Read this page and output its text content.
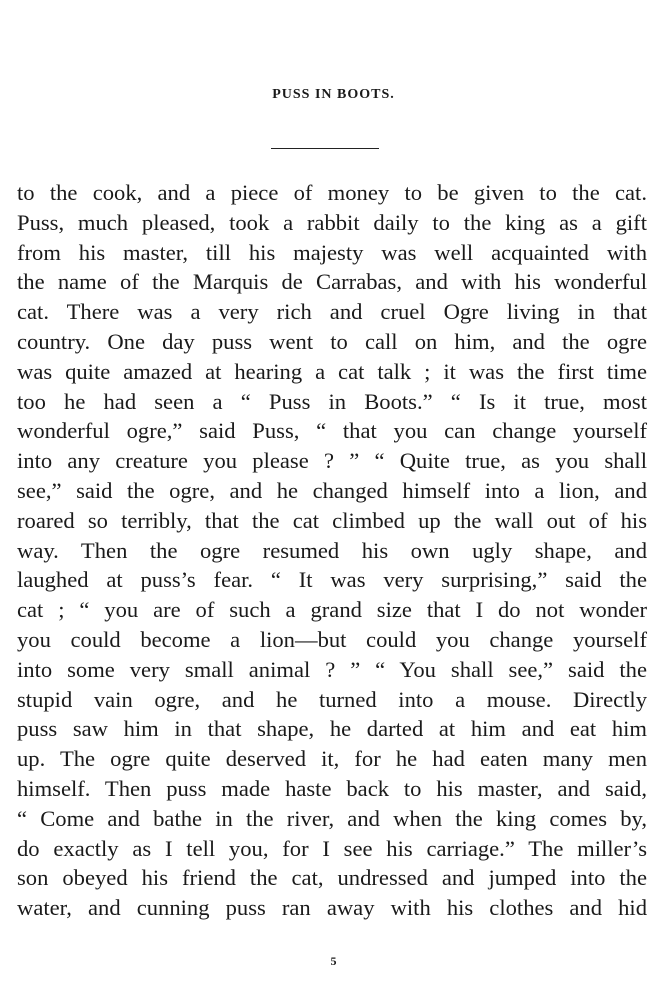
PUSS IN BOOTS.
to the cook, and a piece of money to be given to the cat.
Puss, much pleased, took a rabbit daily to the king as a gift
from his master, till his majesty was well acquainted with
the name of the Marquis de Carrabas, and with his wonderful
cat. There was a very rich and cruel Ogre living in that
country. One day puss went to call on him, and the ogre
was quite amazed at hearing a cat talk ; it was the first time
too he had seen a “ Puss in Boots.” “ Is it true, most
wonderful ogre,” said Puss, “ that you can change yourself
into any creature you please ? ” “ Quite true, as you shall
see,” said the ogre, and he changed himself into a lion, and
roared so terribly, that the cat climbed up the wall out of his
way. Then the ogre resumed his own ugly shape, and
laughed at puss’s fear. “ It was very surprising,” said the
cat ; “ you are of such a grand size that I do not wonder
you could become a lion—but could you change yourself
into some very small animal ? ” “ You shall see,” said the
stupid vain ogre, and he turned into a mouse. Directly
puss saw him in that shape, he darted at him and eat him
up. The ogre quite deserved it, for he had eaten many men
himself. Then puss made haste back to his master, and said,
“ Come and bathe in the river, and when the king comes by,
do exactly as I tell you, for I see his carriage.” The miller’s
son obeyed his friend the cat, undressed and jumped into the
water, and cunning puss ran away with his clothes and hid
5
